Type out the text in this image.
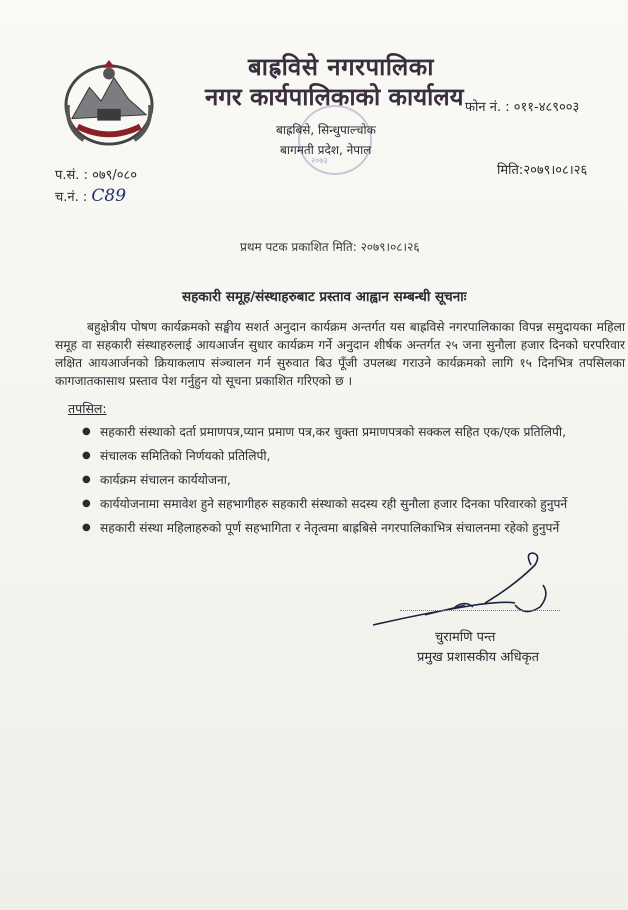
बाह्रविसे नगरपालिका
नगर कार्यपालिकाको कार्यालय
बाह्रबिसे, सिन्धुपाल्चोक
बागमती प्रदेश, नेपाल
२०७३
फोन नं. : ०११-४८९००३
प.सं. : ०७९/०८०
च.नं. : C89
मिति:२०७९।०८।२६
प्रथम पटक प्रकाशित मिति: २०७९।०८।२६
सहकारी समूह/संस्थाहरुबाट प्रस्ताव आह्वान सम्बन्धी सूचनाः
बहुक्षेत्रीय पोषण कार्यक्रमको सङ्घीय सशर्त अनुदान कार्यक्रम अन्तर्गत यस बाह्रविसे नगरपालिकाका विपन्न समुदायका महिला समूह वा सहकारी संस्थाहरुलाई आयआर्जन सुधार कार्यक्रम गर्ने अनुदान शीर्षक अन्तर्गत २५ जना सुनौला हजार दिनको घरपरिवार लक्षित आयआर्जनको क्रियाकलाप संञ्चालन गर्न सुरुवात बिउ पूँजी उपलब्ध गराउने कार्यक्रमको लागि १५ दिनभित्र तपसिलका कागजातकासाथ प्रस्ताव पेश गर्नुहुन यो सूचना प्रकाशित गरिएको छ ।
तपसिल:
● सहकारी संस्थाको दर्ता प्रमाणपत्र,प्यान प्रमाण पत्र,कर चुक्ता प्रमाणपत्रको सक्कल सहित एक/एक प्रतिलिपी,
● संचालक समितिको निर्णयको प्रतिलिपी,
● कार्यक्रम संचालन कार्ययोजना,
● कार्ययोजनामा समावेश हुने सहभागीहरु सहकारी संस्थाको सदस्य रही सुनौला हजार दिनका परिवारको हुनुपर्ने
● सहकारी संस्था महिलाहरुको पूर्ण सहभागिता र नेतृत्वमा बाह्रबिसे नगरपालिकाभित्र संचालनमा रहेको हुनुपर्ने
चुरामणि पन्त
प्रमुख प्रशासकीय अधिकृत
